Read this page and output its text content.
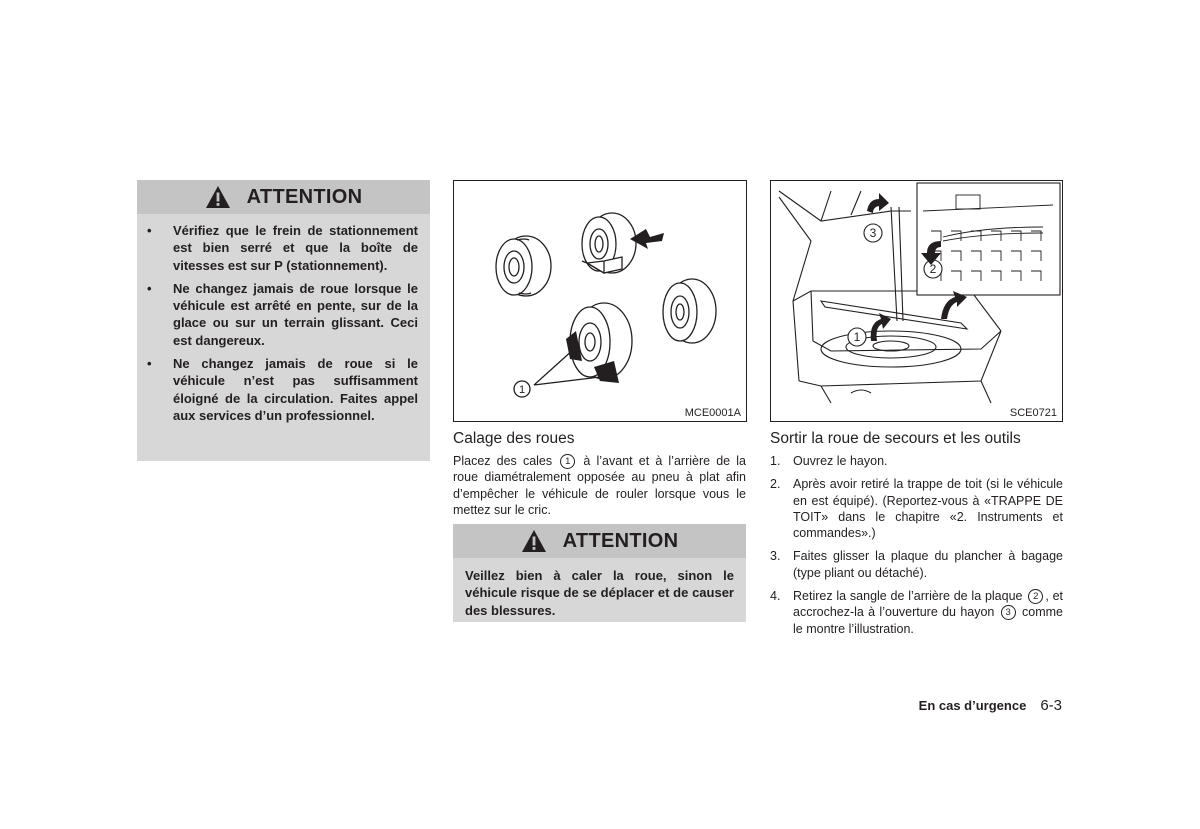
ATTENTION
• Vérifiez que le frein de stationnement est bien serré et que la boîte de vitesses est sur P (stationnement).
• Ne changez jamais de roue lorsque le véhicule est arrêté en pente, sur de la glace ou sur un terrain glissant. Ceci est dangereux.
• Ne changez jamais de roue si le véhicule n’est pas suffisamment éloigné de la circulation. Faites appel aux services d’un professionnel.
1
MCE0001A
Calage des roues
Placez des cales 1 à l’avant et à l’arrière de la roue diamétralement opposée au pneu à plat afin d’empêcher le véhicule de rouler lorsque vous le mettez sur le cric.
ATTENTION
Veillez bien à caler la roue, sinon le véhicule risque de se déplacer et de causer des blessures.
1
2
3
SCE0721
Sortir la roue de secours et les outils
1. Ouvrez le hayon.
2. Après avoir retiré la trappe de toit (si le véhicule en est équipé). (Reportez-vous à «TRAPPE DE TOIT» dans le chapitre «2. Instruments et commandes».)
3. Faites glisser la plaque du plancher à bagage (type pliant ou détaché).
4. Retirez la sangle de l’arrière de la plaque 2 , et accrochez-la à l’ouverture du hayon 3 comme le montre l’illustration.
En cas d’urgence 6-3
